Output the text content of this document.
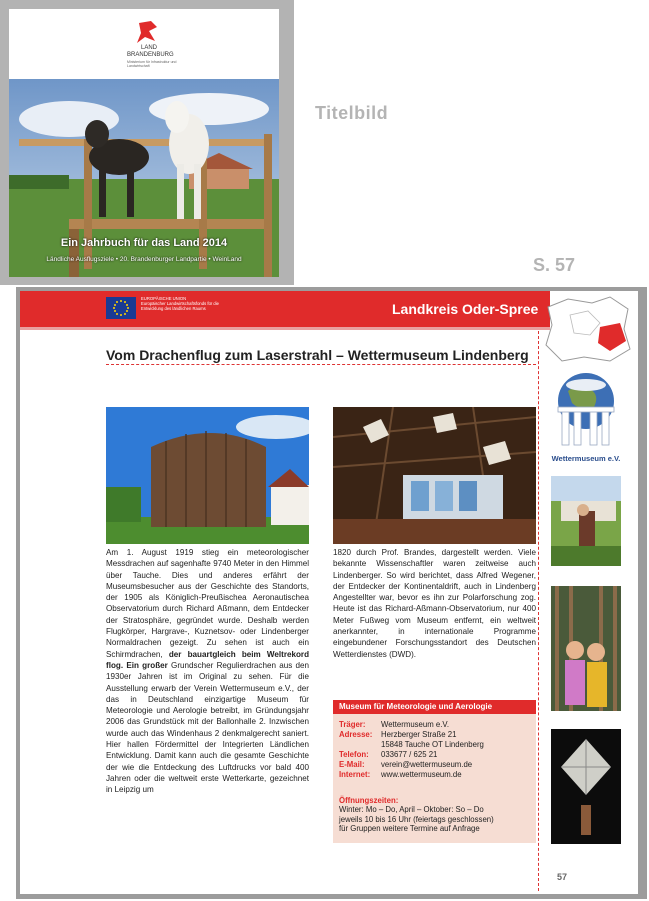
LAND
BRANDENBURG
Ministerium für Infrastruktur und Landwirtschaft
Ein Jahrbuch für das Land 2014
Ländliche Ausflugsziele • 20. Brandenburger Landpartie • WeinLand
Titelbild
S. 57
EUROPÄISCHE UNION
Europäischer Landwirtschaftsfonds für die Entwicklung des ländlichen Raums	Landkreis Oder-Spree
Vom Drachenflug zum Laserstrahl – Wettermuseum Lindenberg
Am 1. August 1919 stieg ein meteorologischer Messdrachen auf sagenhafte 9740 Meter in den Himmel über Tauche. Dies und anderes erfährt der Museumsbesucher aus der Geschichte des Standorts, der 1905 als Königlich-Preußischea Aeronautischea Observatorium durch Richard Aßmann, dem Entdecker der Stratosphäre, gegründet wurde. Deshalb werden Flugkörper, Hargrave-, Kuznetsov- oder Lindenberger Normaldrachen gezeigt. Zu sehen ist auch ein Schirmdrachen, der bauartgleich beim Weltrekord flog. Ein großer Grundscher Regulierdrachen aus den 1930er Jahren ist im Original zu sehen. Für die Ausstellung erwarb der Verein Wettermuseum e.V., der das in Deutschland einzigartige Museum für Meteorologie und Aerologie betreibt, im Gründungsjahr 2006 das Grundstück mit der Ballonhalle 2. Inzwischen wurde auch das Windenhaus 2 denkmalgerecht saniert. Hier hallen Fördermittel der Integrierten Ländlichen Entwicklung. Damit kann auch die gesamte Geschichte der wie die Entdeckung des Luftdrucks vor bald 400 Jahren oder die weltweit erste Wetterkarte, gezeichnet in Leipzig um
1820 durch Prof. Brandes, dargestellt werden. Viele bekannte Wissenschaftler waren zeitweise auch Lindenberger. So wird berichtet, dass Alfred Wegener, der Entdecker der Kontinentaldrift, auch in Lindenberg Angestellter war, bevor es ihn zur Polarforschung zog. Heute ist das Richard-Aßmann-Observatorium, nur 400 Meter Fußweg vom Museum entfernt, ein weltweit anerkannter, in internationale Programme eingebundener Forschungsstandort des Deutschen Wetterdienstes (DWD).
Museum für Meteorologie und Aerologie
Träger:	Wettermuseum e.V.
Adresse:	Herzberger Straße 21
15848 Tauche OT Lindenberg
Telefon:	033677 / 625 21
E-Mail:	verein@wettermuseum.de
Internet:	www.wettermuseum.de
Öffnungszeiten:
Winter: Mo – Do, April – Oktober: So – Do
jeweils 10 bis 16 Uhr (feiertags geschlossen)
für Gruppen weitere Termine auf Anfrage
Wettermuseum e.V.
57
